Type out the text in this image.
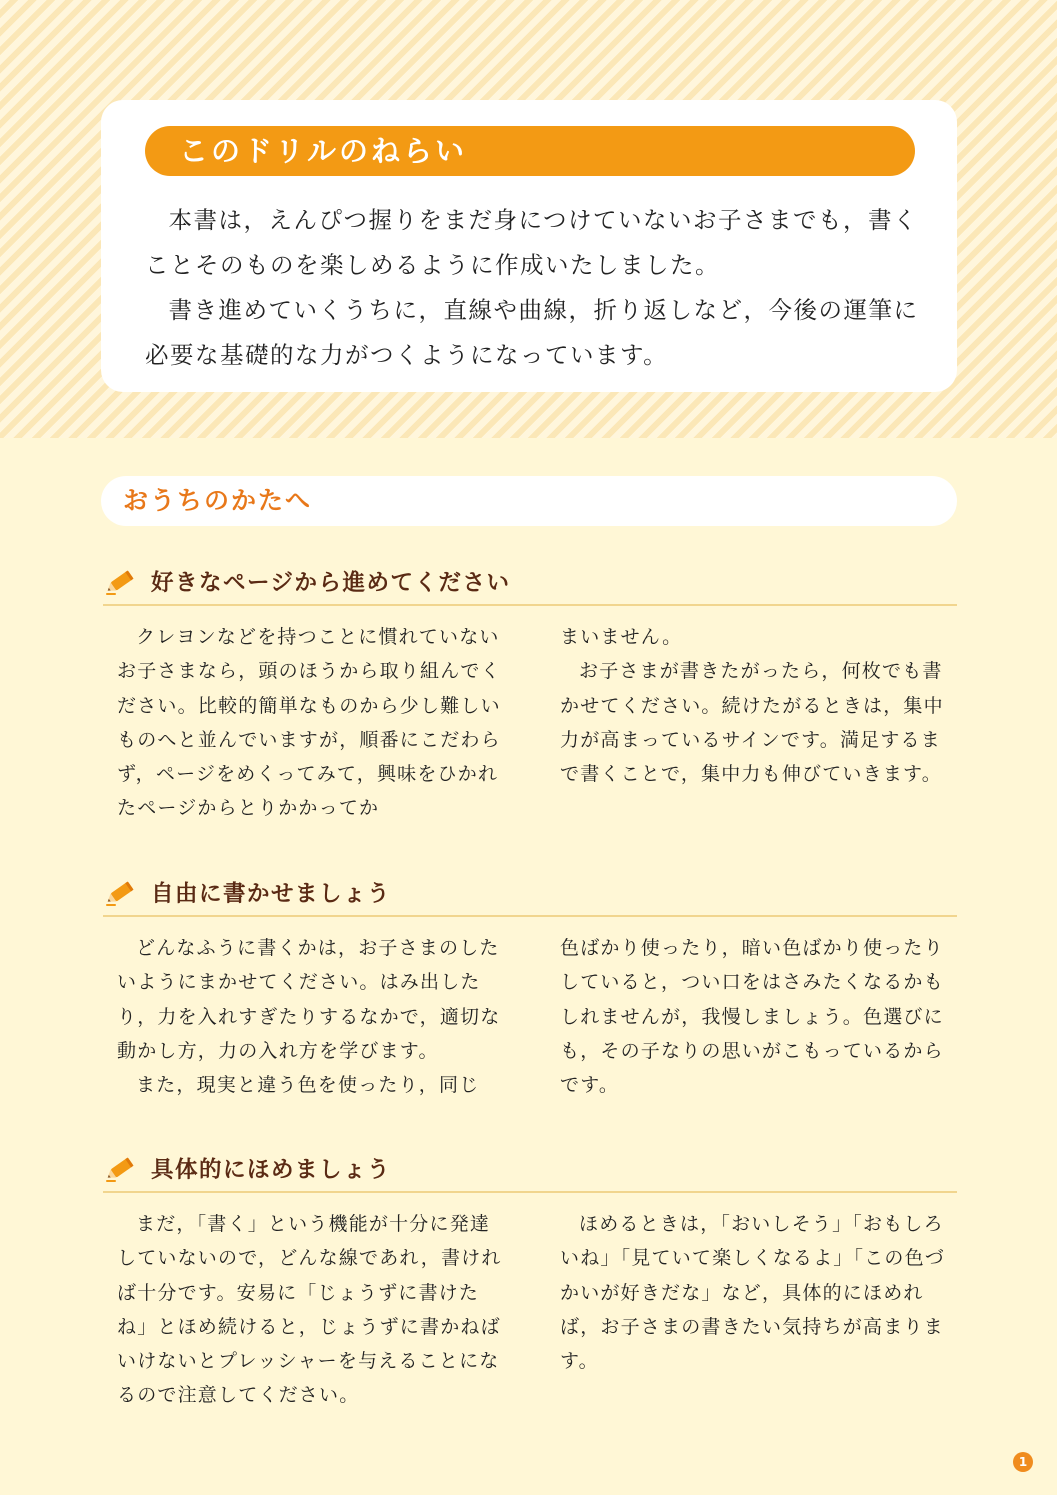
このドリルのねらい

本書は，えんぴつ握りをまだ身につけていないお子さまでも，書くことそのものを楽しめるように作成いたしました。

書き進めていくうちに，直線や曲線，折り返しなど，今後の運筆に必要な基礎的な力がつくようになっています。

おうちのかたへ
好きなページから進めてください

クレヨンなどを持つことに慣れていないお子さまなら，頭のほうから取り組んでください。比較的簡単なものから少し難しいものへと並んでいますが，順番にこだわらず，ページをめくってみて，興味をひかれたページからとりかかってか

まいません。

お子さまが書きたがったら，何枚でも書かせてください。続けたがるときは，集中力が高まっているサインです。満足するまで書くことで，集中力も伸びていきます。

自由に書かせましょう

どんなふうに書くかは，お子さまのしたいようにまかせてください。はみ出したり，力を入れすぎたりするなかで，適切な動かし方，力の入れ方を学びます。

また，現実と違う色を使ったり，同じ

色ばかり使ったり，暗い色ばかり使ったりしていると，つい口をはさみたくなるかもしれませんが，我慢しましょう。色選びにも，その子なりの思いがこもっているからです。

具体的にほめましょう

まだ，「書く」という機能が十分に発達していないので，どんな線であれ，書ければ十分です。安易に「じょうずに書けたね」とほめ続けると，じょうずに書かねばいけないとプレッシャーを与えることになるので注意してください。

ほめるときは，「おいしそう」「おもしろいね」「見ていて楽しくなるよ」「この色づかいが好きだな」など，具体的にほめれば，お子さまの書きたい気持ちが高まります。

1
